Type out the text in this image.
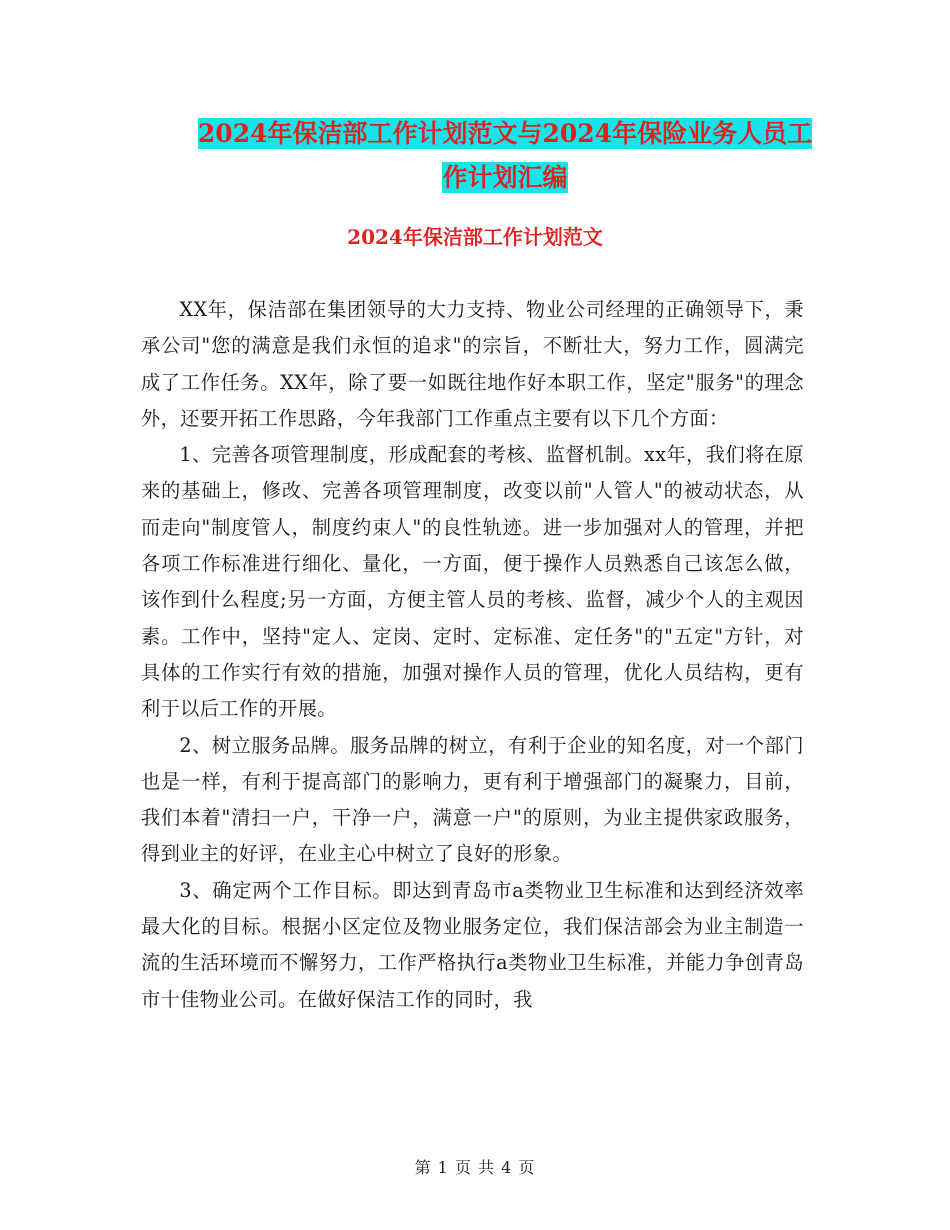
2024年保洁部工作计划范文与2024年保险业务人员工
作计划汇编
2024年保洁部工作计划范文

XX年，保洁部在集团领导的大力支持、物业公司经理的正确领导下，秉承公司"您的满意是我们永恒的追求"的宗旨，不断壮大，努力工作，圆满完成了工作任务。XX年，除了要一如既往地作好本职工作，坚定"服务"的理念外，还要开拓工作思路，今年我部门工作重点主要有以下几个方面：

1、完善各项管理制度，形成配套的考核、监督机制。xx年，我们将在原来的基础上，修改、完善各项管理制度，改变以前"人管人"的被动状态，从而走向"制度管人，制度约束人"的良性轨迹。进一步加强对人的管理，并把各项工作标准进行细化、量化，一方面，便于操作人员熟悉自己该怎么做，该作到什么程度;另一方面，方便主管人员的考核、监督，减少个人的主观因素。工作中，坚持"定人、定岗、定时、定标准、定任务"的"五定"方针，对具体的工作实行有效的措施，加强对操作人员的管理，优化人员结构，更有利于以后工作的开展。

2、树立服务品牌。服务品牌的树立，有利于企业的知名度，对一个部门也是一样，有利于提高部门的影响力，更有利于增强部门的凝聚力，目前，我们本着"清扫一户，干净一户，满意一户"的原则，为业主提供家政服务，得到业主的好评，在业主心中树立了良好的形象。

3、确定两个工作目标。即达到青岛市a类物业卫生标准和达到经济效率最大化的目标。根据小区定位及物业服务定位，我们保洁部会为业主制造一流的生活环境而不懈努力，工作严格执行a类物业卫生标准，并能力争创青岛市十佳物业公司。在做好保洁工作的同时，我

第 1 页 共 4 页
